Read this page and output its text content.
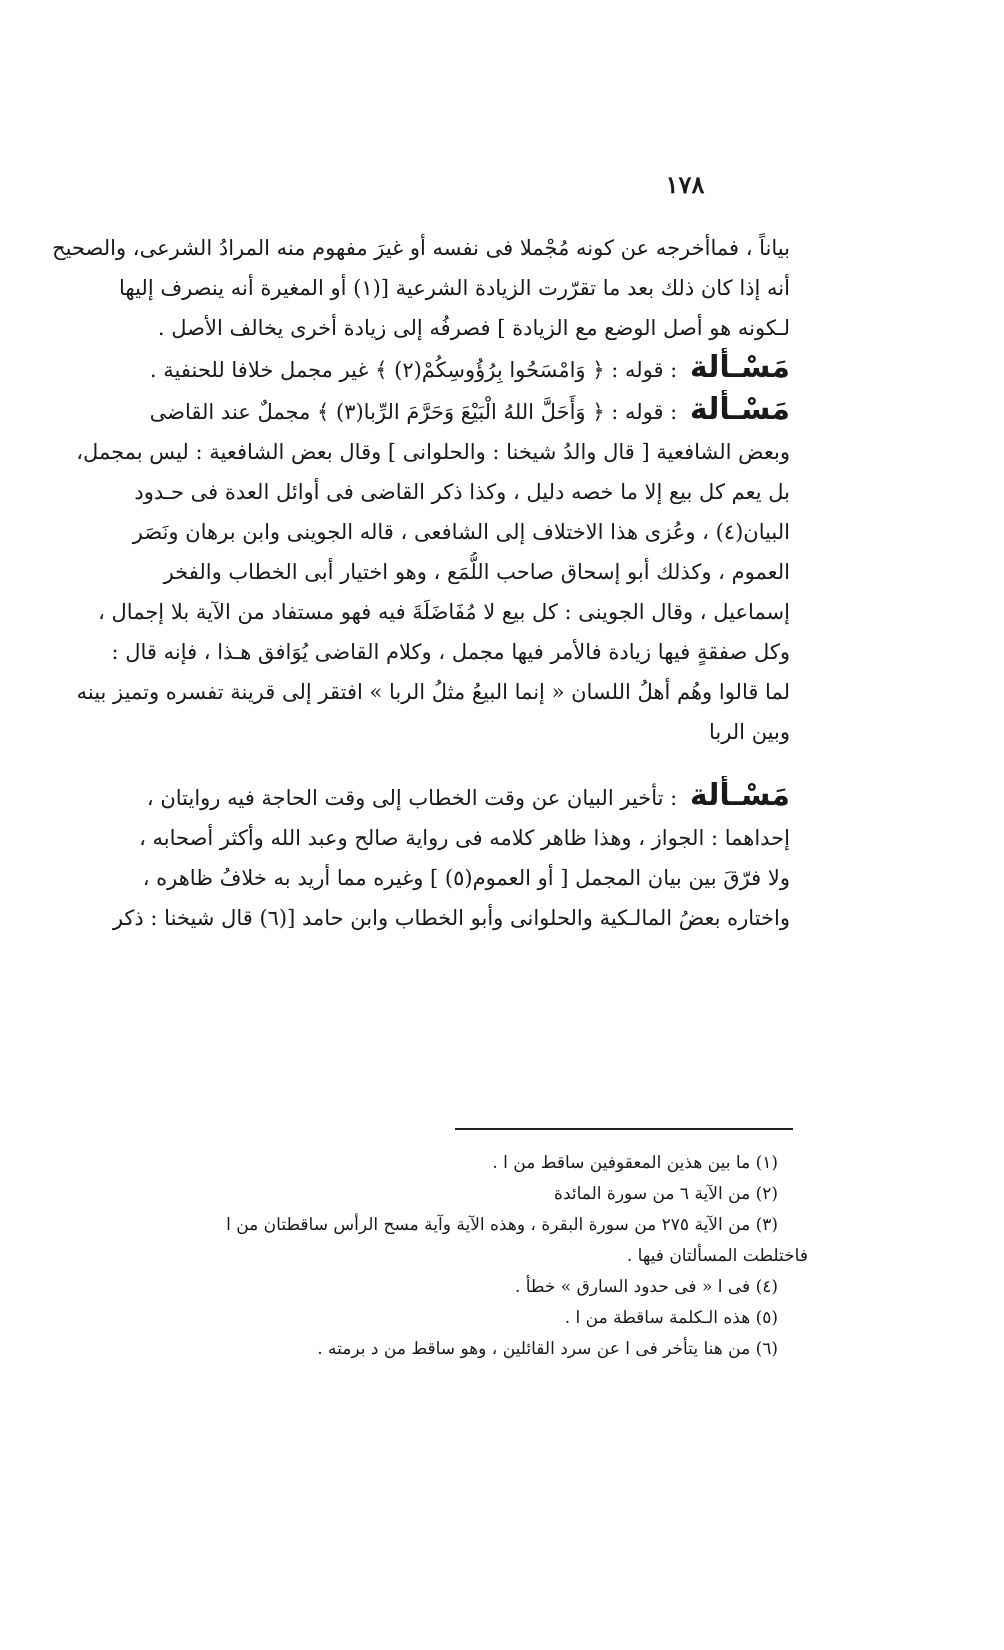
١٧٨
بياناً ، فماأخرجه عن كونه مُجْملا فى نفسه أو غيرَ مفهوم منه المرادُ الشرعى، والصحيح
أنه إذا كان ذلك بعد ما تقرّرت الزيادة الشرعية [(١) أو المغيرة أنه ينصرف إليها
لـكونه هو أصل الوضع مع الزيادة ] فصرفُه إلى زيادة أخرى يخالف الأصل .
مَسْـأَلة : قوله : ﴿ وَامْسَحُوا بِرُؤُوسِكُمْ(٢) ﴾ غير مجمل خلافا للحنفية .
مَسْـأَلة : قوله : ﴿ وَأَحَلَّ اللهُ الْبَيْعَ وَحَرَّمَ الرِّبا(٣) ﴾ مجملٌ عند القاضى
وبعض الشافعية [ قال والدُ شيخنا : والحلوانى ] وقال بعض الشافعية : ليس بمجمل،
بل يعم كل بيع إلا ما خصه دليل ، وكذا ذكر القاضى فى أوائل العدة فى حـدود
البيان(٤) ، وعُزى هذا الاختلاف إلى الشافعى ، قاله الجوينى وابن برهان ونَصَر
العموم ، وكذلك أبو إسحاق صاحب اللُّمَع ، وهو اختيار أبى الخطاب والفخر
إسماعيل ، وقال الجوينى : كل بيع لا مُفَاضَلَةَ فيه فهو مستفاد من الآية بلا إجمال ،
وكل صفقةٍ فيها زيادة فالأمر فيها مجمل ، وكلام القاضى يُوَافق هـذا ، فإنه قال :
لما قالوا وهُم أهلُ اللسان « إنما البيعُ مثلُ الربا » افتقر إلى قرينة تفسره وتميز بينه
وبين الربا
مَسْـأَلة : تأخير البيان عن وقت الخطاب إلى وقت الحاجة فيه روايتان ،
إحداهما : الجواز ، وهذا ظاهر كلامه فى رواية صالح وعبد الله وأكثر أصحابه ،
ولا فرّقَ بين بيان المجمل [ أو العموم(٥) ] وغيره مما أريد به خلافُ ظاهره ،
واختاره بعضُ المالـكية والحلوانى وأبو الخطاب وابن حامد [(٦) قال شيخنا : ذكر
(١) ما بين هذين المعقوفين ساقط من ا .
(٢) من الآية ٦ من سورة المائدة
(٣) من الآية ٢٧٥ من سورة البقرة ، وهذه الآية وآية مسح الرأس ساقطتان من ا
فاختلطت المسألتان فيها .
(٤) فى ا « فى حدود السارق » خطأ .
(٥) هذه الـكلمة ساقطة من ا .
(٦) من هنا يتأخر فى ا عن سرد القائلين ، وهو ساقط من د برمته .
